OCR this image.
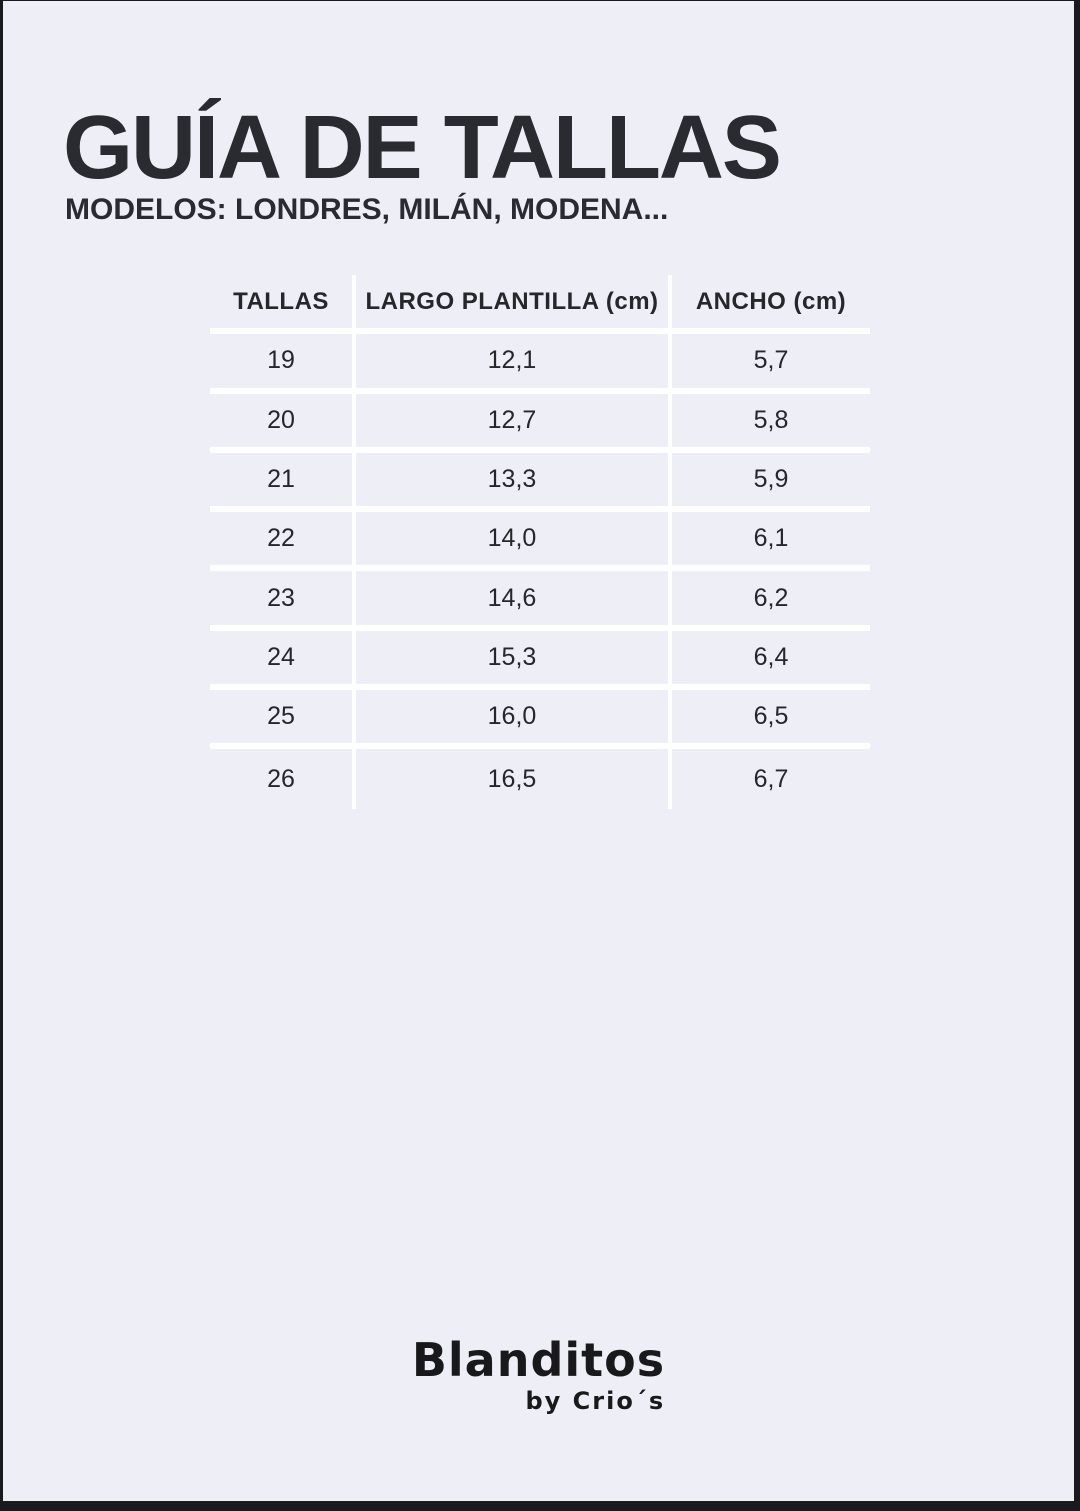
GUÍA DE TALLAS
MODELOS: LONDRES, MILÁN, MODENA...
TALLAS	LARGO PLANTILLA (cm)	ANCHO (cm)
19	12,1	5,7
20	12,7	5,8
21	13,3	5,9
22	14,0	6,1
23	14,6	6,2
24	15,3	6,4
25	16,0	6,5
26	16,5	6,7
Blanditos
by Crio´s
